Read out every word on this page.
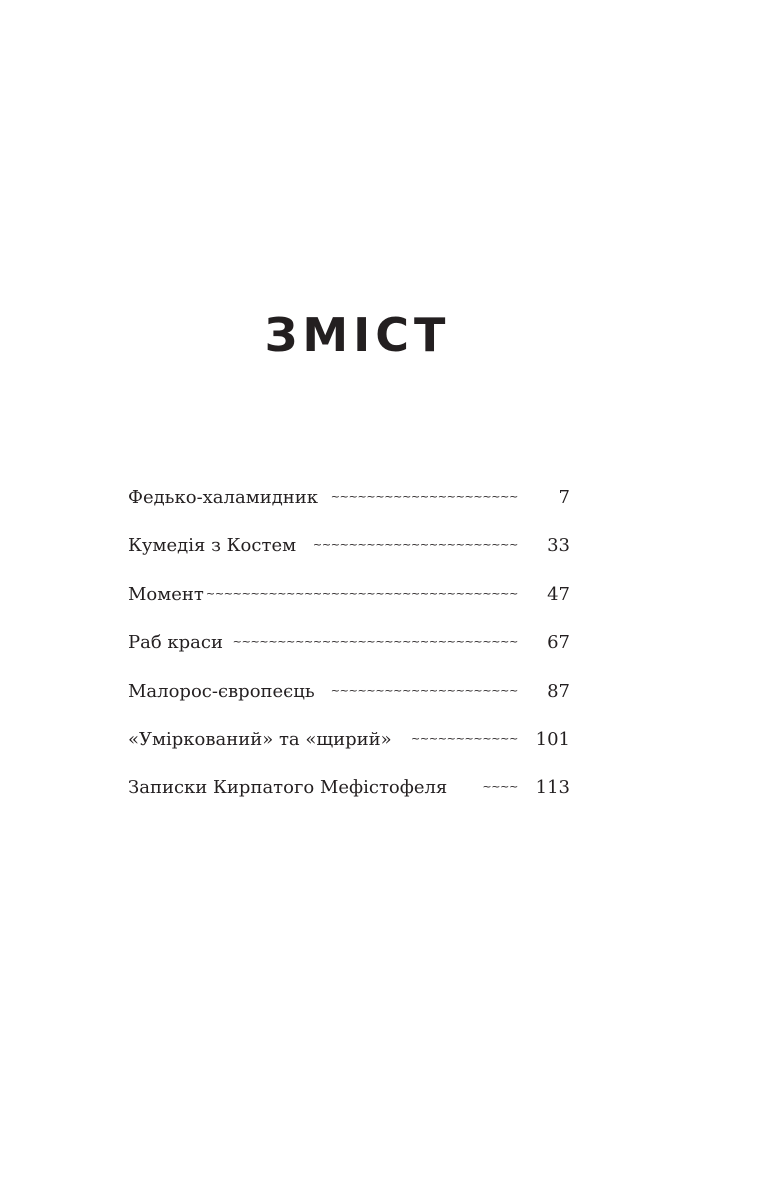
ЗМІСТ
Федько-халамидник ~~~~~~~~~~~~~~~~~~~~~ 7
Кумедія з Костем ~~~~~~~~~~~~~~~~~~~~~~~ 33
Момент ~~~~~~~~~~~~~~~~~~~~~~~~~~~~~~~~~~~ 47
Раб краси ~~~~~~~~~~~~~~~~~~~~~~~~~~~~~~~~ 67
Малорос-європеєць ~~~~~~~~~~~~~~~~~~~~~ 87
«Умірковaний» та «щирий» ~~~~~~~~~~~~ 101
Записки Кирпатого Мефістофеля	~~~~ 113
